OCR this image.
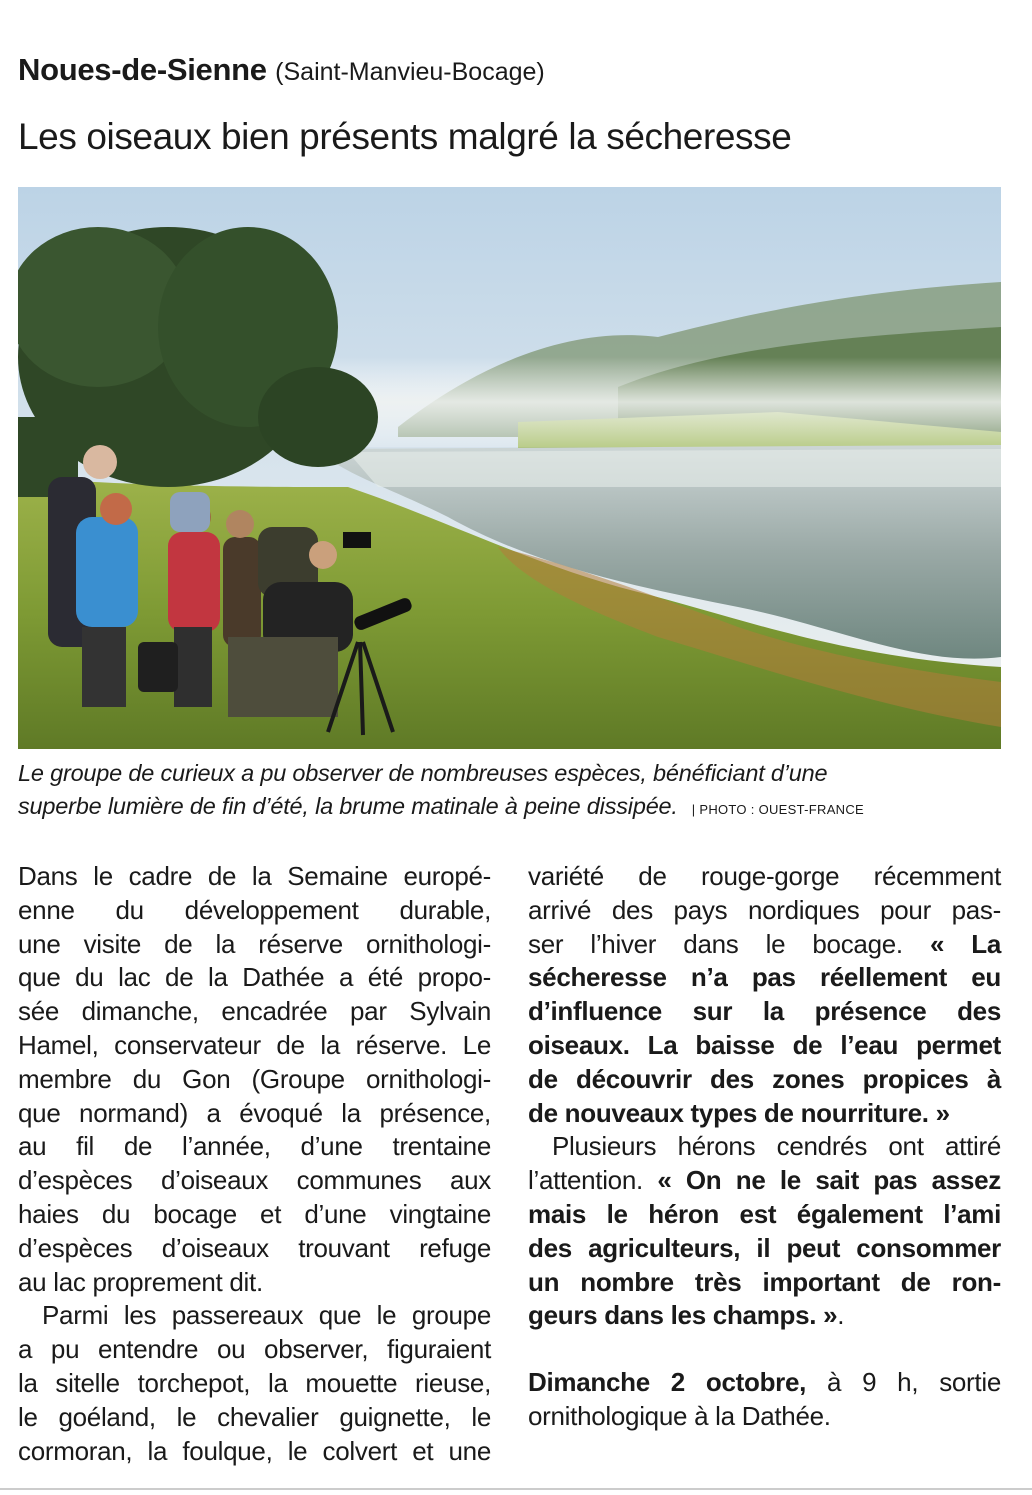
Noues-de-Sienne (Saint-Manvieu-Bocage)
Les oiseaux bien présents malgré la sécheresse
Le groupe de curieux a pu observer de nombreuses espèces, bénéficiant d’une
superbe lumière de fin d’été, la brume matinale à peine dissipée. | PHOTO : OUEST-FRANCE

Dans le cadre de la Semaine europé-

enne du développement durable,

une visite de la réserve ornithologi-

que du lac de la Dathée a été propo-

sée dimanche, encadrée par Sylvain

Hamel, conservateur de la réserve. Le

membre du Gon (Groupe ornithologi-

que normand) a évoqué la présence,

au fil de l’année, d’une trentaine

d’espèces d’oiseaux communes aux

haies du bocage et d’une vingtaine

d’espèces d’oiseaux trouvant refuge

au lac proprement dit.

Parmi les passereaux que le groupe

a pu entendre ou observer, figuraient

la sitelle torchepot, la mouette rieuse,

le goéland, le chevalier guignette, le

cormoran, la foulque, le colvert et une

variété de rouge-gorge récemment

arrivé des pays nordiques pour pas-

ser l’hiver dans le bocage. « La

sécheresse n’a pas réellement eu

d’influence sur la présence des

oiseaux. La baisse de l’eau permet

de découvrir des zones propices à

de nouveaux types de nourriture. »

Plusieurs hérons cendrés ont attiré

l’attention. « On ne le sait pas assez

mais le héron est également l’ami

des agriculteurs, il peut consommer

un nombre très important de ron-

geurs dans les champs. ».

Dimanche 2 octobre, à 9 h, sortie

ornithologique à la Dathée.
